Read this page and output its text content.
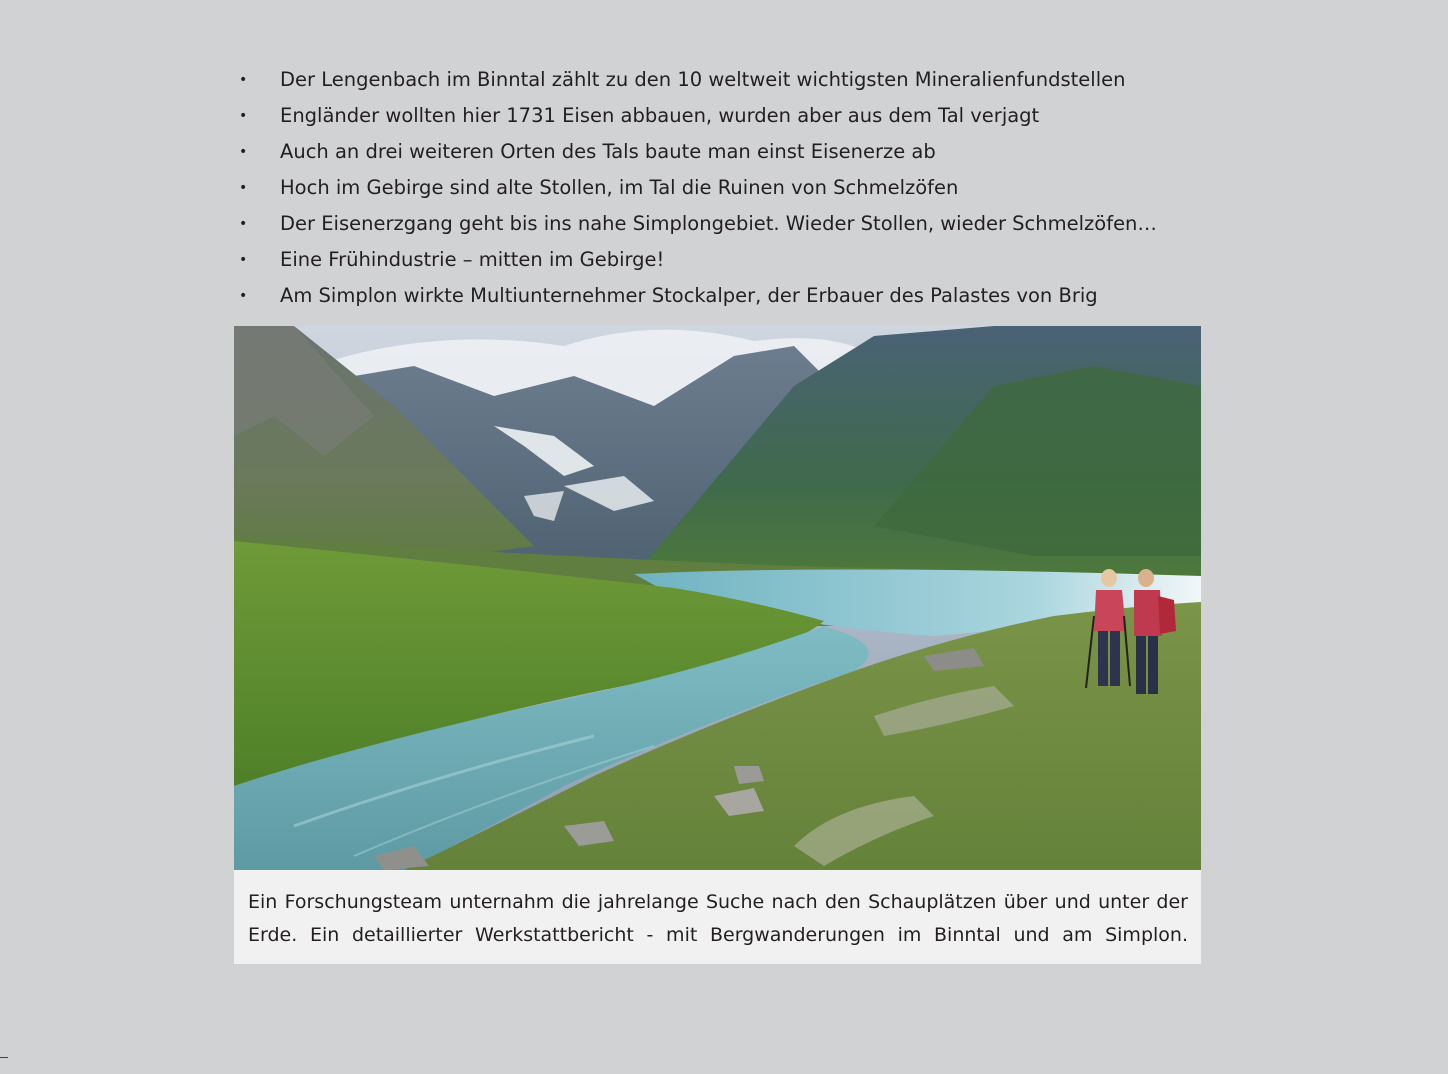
• Der Lengenbach im Binntal zählt zu den 10 weltweit wichtigsten Mineralienfundstellen
• Engländer wollten hier 1731 Eisen abbauen, wurden aber aus dem Tal verjagt
• Auch an drei weiteren Orten des Tals baute man einst Eisenerze ab
• Hoch im Gebirge sind alte Stollen, im Tal die Ruinen von Schmelzöfen
• Der Eisenerzgang geht bis ins nahe Simplongebiet. Wieder Stollen, wieder Schmelzöfen…
• Eine Frühindustrie – mitten im Gebirge!
• Am Simplon wirkte Multiunternehmer Stockalper, der Erbauer des Palastes von Brig

Ein Forschungsteam unternahm die jahrelange Suche nach den Schauplätzen über und unter der Erde. Ein detaillierter Werkstattbericht - mit Bergwanderungen im Binntal und am Simplon.
